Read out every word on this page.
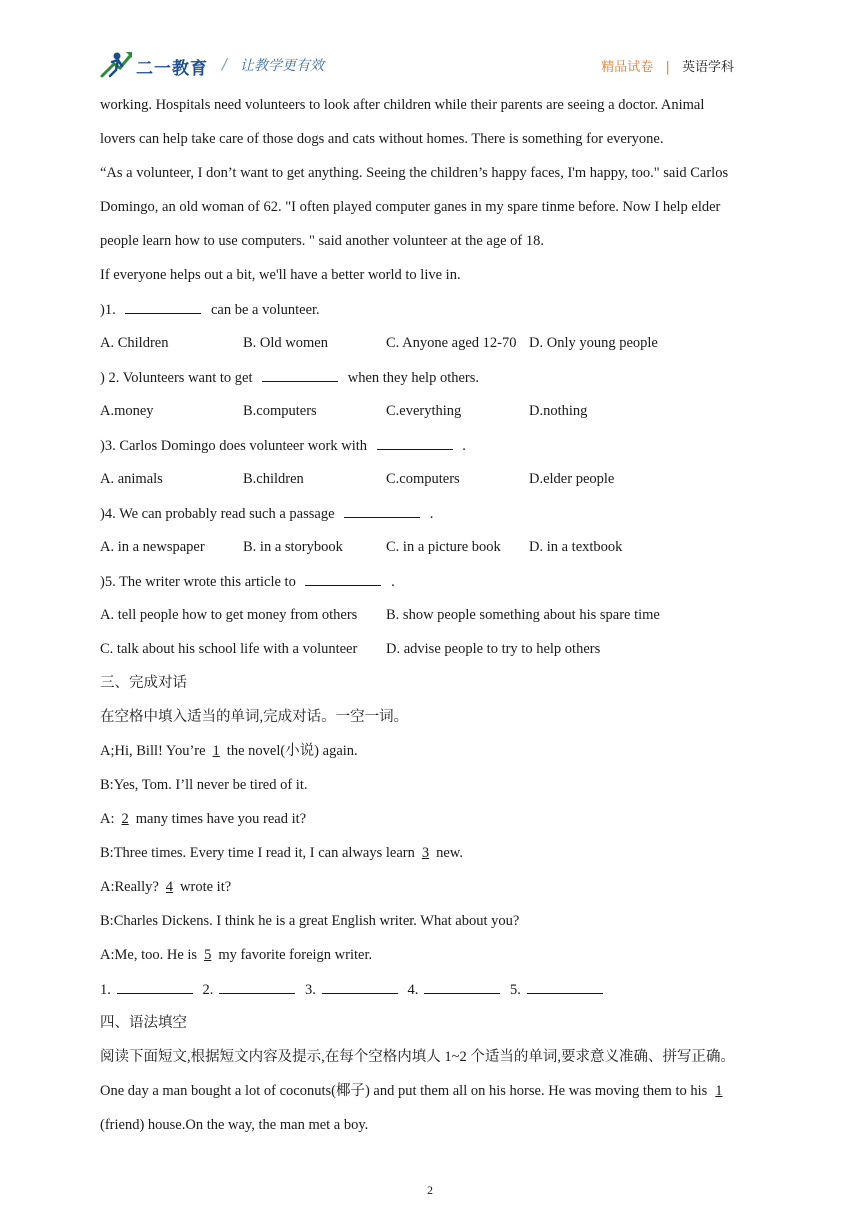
二一教育 / 让教学更有效	精品试卷 | 英语学科
working. Hospitals need volunteers to look after children while their parents are seeing a doctor. Animal
lovers can help take care of those dogs and cats without homes. There is something for everyone.
“As a volunteer, I don’t want to get anything. Seeing the children’s happy faces, I'm happy, too." said Carlos
Domingo, an old woman of 62. "I often played computer ganes in my spare tinme before. Now I help elder
people learn how to use computers. " said another volunteer at the age of 18.
If everyone helps out a bit, we'll have a better world to live in.
)1.	can be a volunteer.
A. Children	B. Old women	C. Anyone aged 12-70 D. Only young people
) 2. Volunteers want to get	when they help others.
A.money	B.computers	C.everything	D.nothing
)3. Carlos Domingo does volunteer work with	.
A. animals	B.children	C.computers	D.elder people
)4. We can probably read such a passage	.
A. in a newspaper	B. in a storybook	C. in a picture book D. in a textbook
)5. The writer wrote this article to	.
A. tell people how to get money from others B. show people something about his spare time
C. talk about his school life with a volunteer D. advise people to try to help others
三、完成对话
在空格中填入适当的单词,完成对话。一空一词。
A;Hi, Bill! You’re 1 the novel(小说) again.
B:Yes, Tom. I’ll never be tired of it.
A: 2 many times have you read it?
B:Three times. Every time I read it, I can always learn 3 new.
A:Really? 4 wrote it?
B:Charles Dickens. I think he is a great English writer. What about you?
A:Me, too. He is 5 my favorite foreign writer.
1.	2.	3.	4.	5.
四、语法填空
阅读下面短文,根据短文内容及提示,在每个空格内填人 1~2 个适当的单词,要求意义准确、拼写正确。
One day a man bought a lot of coconuts(椰子) and put them all on his horse. He was moving them to his 1
(friend) house.On the way, the man met a boy.
2
